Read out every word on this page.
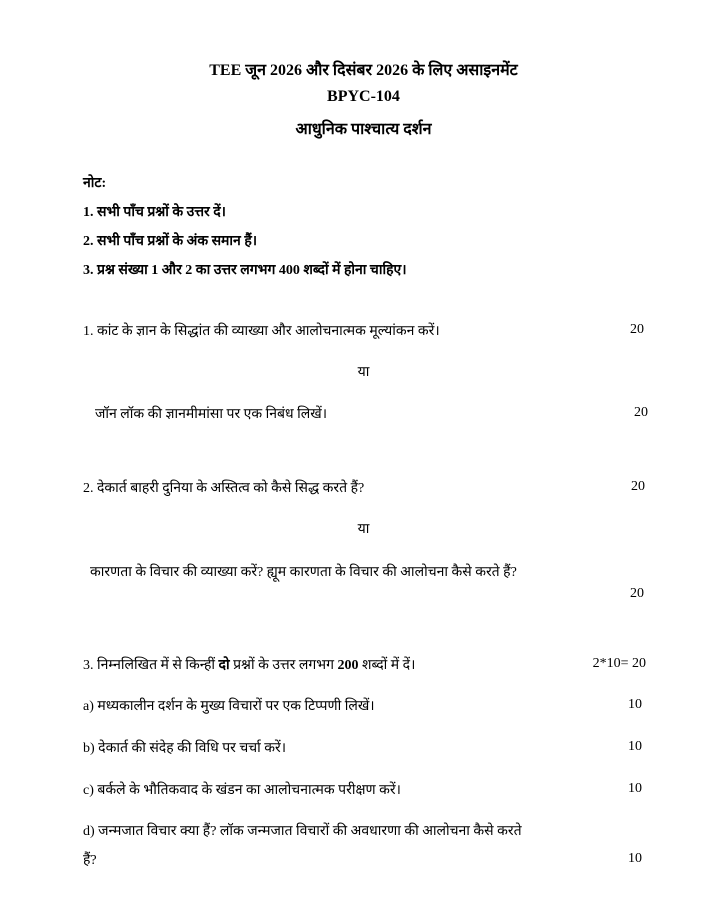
TEE जून 2026 और दिसंबर 2026 के लिए असाइनमेंट
BPYC-104
आधुनिक पाश्चात्य दर्शन
नोट:
1. सभी पाँच प्रश्नों के उत्तर दें।
2. सभी पाँच प्रश्नों के अंक समान हैं।
3. प्रश्न संख्या 1 और 2 का उत्तर लगभग 400 शब्दों में होना चाहिए।
1. कांट के ज्ञान के सिद्धांत की व्याख्या और आलोचनात्मक मूल्यांकन करें।	20
या
जॉन लॉक की ज्ञानमीमांसा पर एक निबंध लिखें।	20
2. देकार्त बाहरी दुनिया के अस्तित्व को कैसे सिद्ध करते हैं?	20
या
कारणता के विचार की व्याख्या करें? ह्यूम कारणता के विचार की आलोचना कैसे करते हैं?
20
3. निम्नलिखित में से किन्हीं दो प्रश्नों के उत्तर लगभग 200 शब्दों में दें।	2*10= 20
a) मध्यकालीन दर्शन के मुख्य विचारों पर एक टिप्पणी लिखें।	10
b) देकार्त की संदेह की विधि पर चर्चा करें।	10
c) बर्कले के भौतिकवाद के खंडन का आलोचनात्मक परीक्षण करें।	10
d) जन्मजात विचार क्या हैं? लॉक जन्मजात विचारों की अवधारणा की आलोचना कैसे करते
हैं?	10
